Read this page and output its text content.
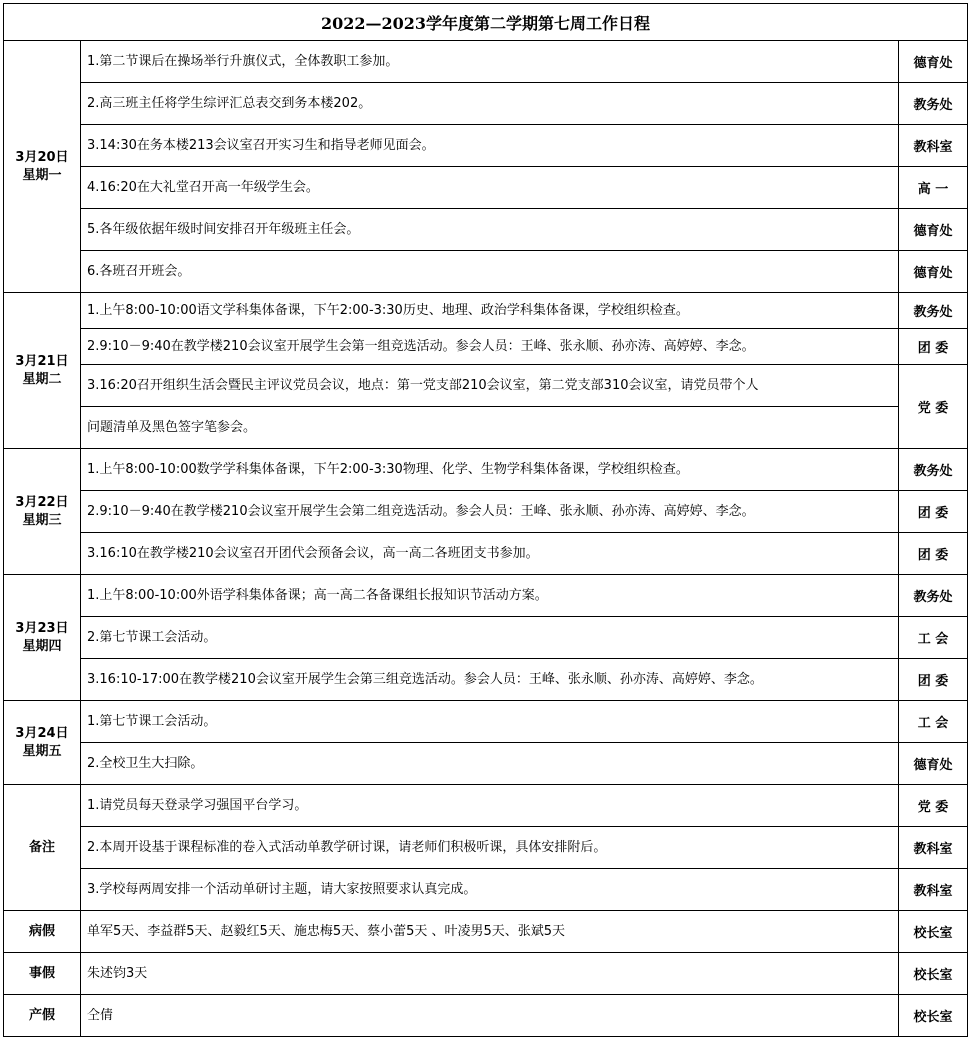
2022—2023学年度第二学期第七周工作日程		

3月20日
星期一	1.第二节课后在操场举行升旗仪式，全体教职工参加。	德育处
	2.高三班主任将学生综评汇总表交到务本楼202。	教务处
	3.14:30在务本楼213会议室召开实习生和指导老师见面会。	教科室
	4.16:20在大礼堂召开高一年级学生会。	高 一
	5.各年级依据年级时间安排召开年级班主任会。	德育处
	6.各班召开班会。	德育处

3月21日
星期二	1.上午8:00-10:00语文学科集体备课，下午2:00-3:30历史、地理、政治学科集体备课，学校组织检查。	教务处
	2.9:10－9:40在教学楼210会议室开展学生会第一组竞选活动。参会人员：王峰、张永顺、孙亦涛、高婷婷、李念。	团 委
	3.16:20召开组织生活会暨民主评议党员会议，地点：第一党支部210会议室，第二党支部310会议室，请党员带个人	党 委
	问题清单及黑色签字笔参会。	

3月22日
星期三	1.上午8:00-10:00数学学科集体备课，下午2:00-3:30物理、化学、生物学科集体备课，学校组织检查。	教务处
	2.9:10－9:40在教学楼210会议室开展学生会第二组竞选活动。参会人员：王峰、张永顺、孙亦涛、高婷婷、李念。	团 委
	3.16:10在教学楼210会议室召开团代会预备会议，高一高二各班团支书参加。	团 委

3月23日
星期四	1.上午8:00-10:00外语学科集体备课；高一高二各备课组长报知识节活动方案。	教务处
	2.第七节课工会活动。	工 会
	3.16:10-17:00在教学楼210会议室开展学生会第三组竞选活动。参会人员：王峰、张永顺、孙亦涛、高婷婷、李念。	团 委

3月24日
星期五	1.第七节课工会活动。	工 会
	2.全校卫生大扫除。	德育处
备注	1.请党员每天登录学习强国平台学习。	党 委
	2.本周开设基于课程标准的卷入式活动单教学研讨课，请老师们积极听课，具体安排附后。	教科室
	3.学校每两周安排一个活动单研讨主题，请大家按照要求认真完成。	教科室
病假	单军5天、李益群5天、赵毅红5天、施忠梅5天、蔡小蕾5天 、叶凌男5天、张斌5天	校长室
事假	朱述钧3天	校长室
产假	仝倩	校长室
